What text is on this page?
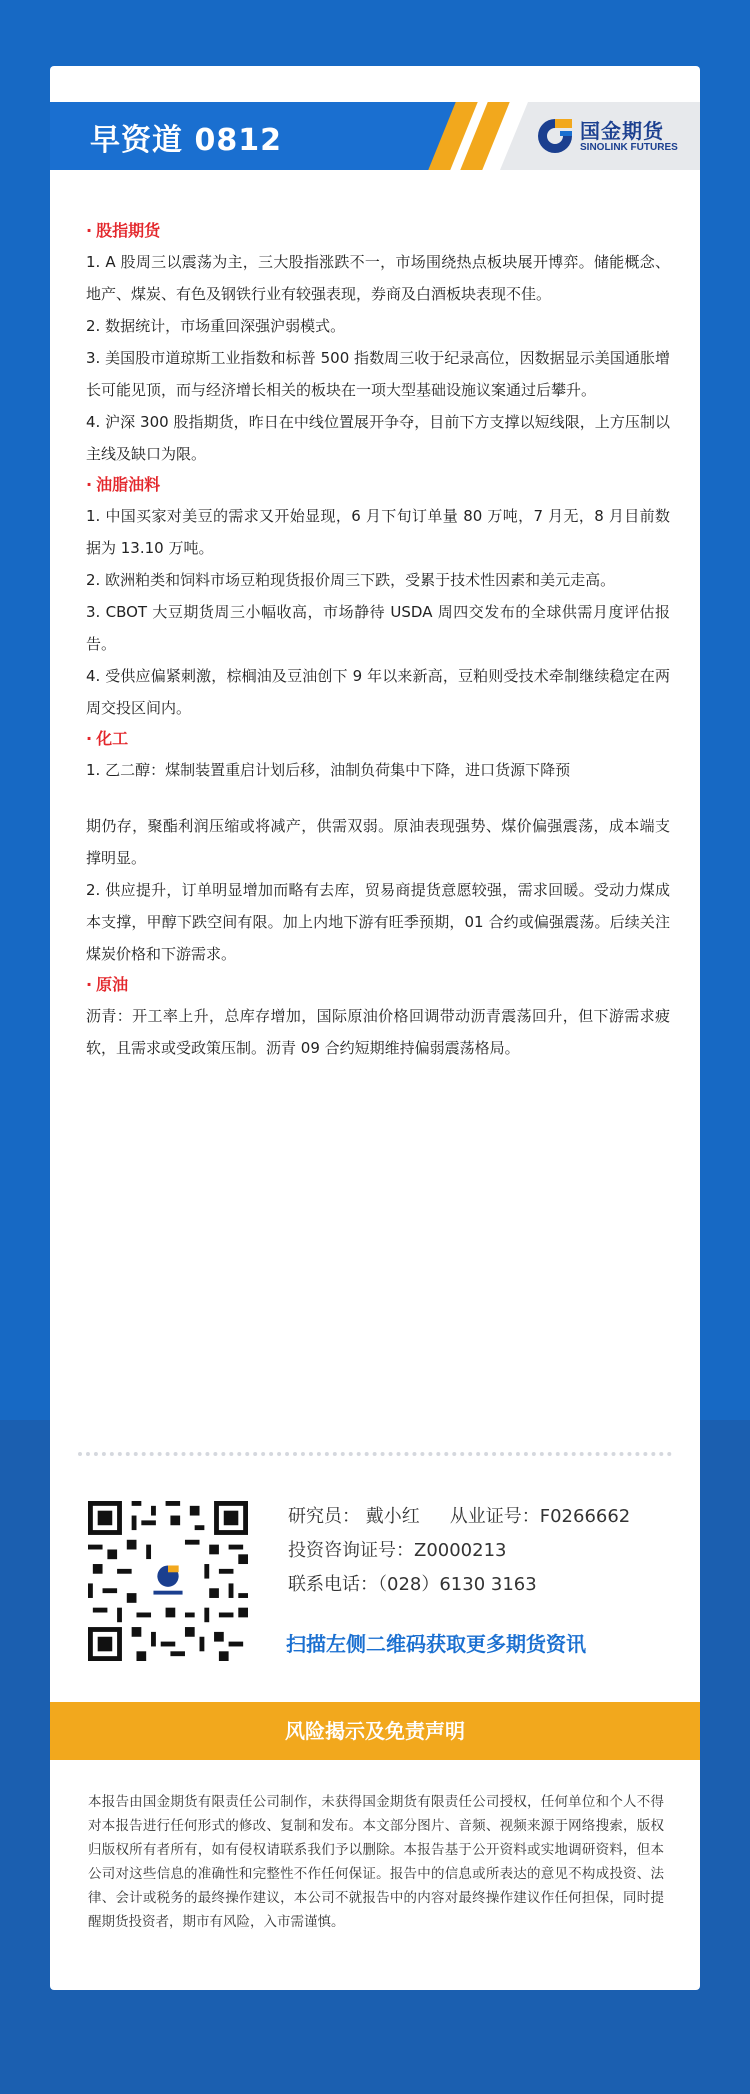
早资道 0812	国金期货
SINOLINK FUTURES
· 股指期货
1. A 股周三以震荡为主，三大股指涨跌不一，市场围绕热点板块展开博弈。储能概念、地产、煤炭、有色及钢铁行业有较强表现，券商及白酒板块表现不佳。
2. 数据统计，市场重回深强沪弱模式。
3. 美国股市道琼斯工业指数和标普 500 指数周三收于纪录高位，因数据显示美国通胀增长可能见顶，而与经济增长相关的板块在一项大型基础设施议案通过后攀升。
4. 沪深 300 股指期货，昨日在中线位置展开争夺，目前下方支撑以短线限，上方压制以主线及缺口为限。
· 油脂油料
1. 中国买家对美豆的需求又开始显现，6 月下旬订单量 80 万吨，7 月无，8 月目前数据为 13.10 万吨。
2. 欧洲粕类和饲料市场豆粕现货报价周三下跌，受累于技术性因素和美元走高。
3. CBOT 大豆期货周三小幅收高，市场静待 USDA 周四交发布的全球供需月度评估报告。
4. 受供应偏紧刺激，棕榈油及豆油创下 9 年以来新高，豆粕则受技术牵制继续稳定在两周交投区间内。
· 化工
1. 乙二醇：煤制装置重启计划后移，油制负荷集中下降，进口货源下降预
期仍存，聚酯利润压缩或将减产，供需双弱。原油表现强势、煤价偏强震荡，成本端支撑明显。
2. 供应提升，订单明显增加而略有去库，贸易商提货意愿较强，需求回暖。受动力煤成本支撑，甲醇下跌空间有限。加上内地下游有旺季预期，01 合约或偏强震荡。后续关注煤炭价格和下游需求。
· 原油
沥青：开工率上升，总库存增加，国际原油价格回调带动沥青震荡回升，但下游需求疲软，且需求或受政策压制。沥青 09 合约短期维持偏弱震荡格局。
研究员： 戴小红 从业证号：F0266662
投资咨询证号：Z0000213
联系电话：（028）6130 3163
扫描左侧二维码获取更多期货资讯
风险揭示及免责声明
本报告由国金期货有限责任公司制作，未获得国金期货有限责任公司授权，任何单位和个人不得对本报告进行任何形式的修改、复制和发布。本文部分图片、音频、视频来源于网络搜索，版权归版权所有者所有，如有侵权请联系我们予以删除。本报告基于公开资料或实地调研资料，但本公司对这些信息的准确性和完整性不作任何保证。报告中的信息或所表达的意见不构成投资、法律、会计或税务的最终操作建议，本公司不就报告中的内容对最终操作建议作任何担保，同时提醒期货投资者，期市有风险，入市需谨慎。
